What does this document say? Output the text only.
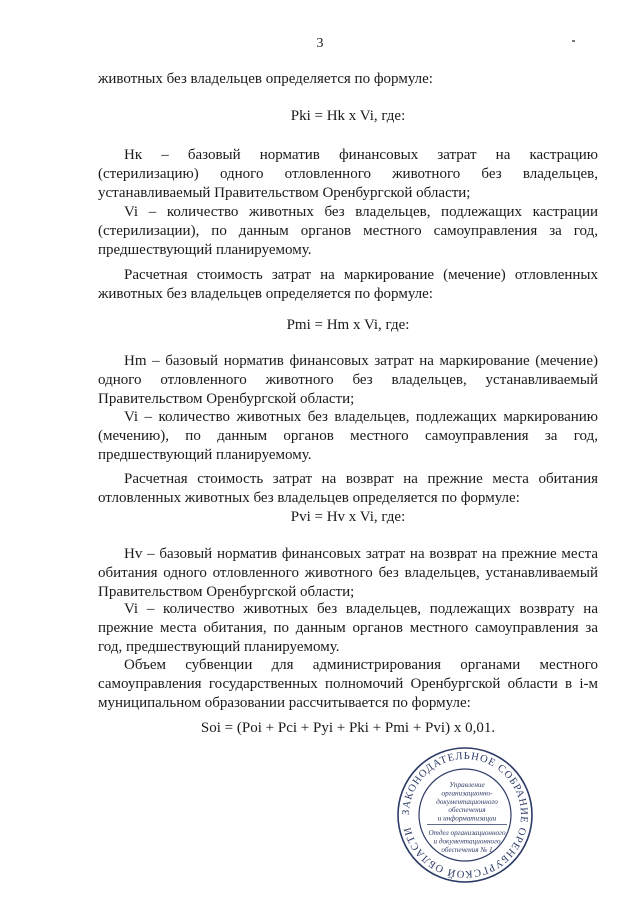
3

животных без владельцев определяется по формуле:

Pki = Hk x Vi, где:

Hк – базовый норматив финансовых затрат на кастрацию
(стерилизацию) одного отловленного животного без владельцев,
устанавливаемый Правительством Оренбургской области;

Vi – количество животных без владельцев, подлежащих кастрации
(стерилизации), по данным органов местного самоуправления за год,
предшествующий планируемому.

Расчетная стоимость затрат на маркирование (мечение) отловленных
животных без владельцев определяется по формуле:

Pmi = Hm x Vi, где:

Hm – базовый норматив финансовых затрат на маркирование (мечение)
одного отловленного животного без владельцев, устанавливаемый
Правительством Оренбургской области;

Vi – количество животных без владельцев, подлежащих маркированию
(мечению), по данным органов местного самоуправления за год,
предшествующий планируемому.

Расчетная стоимость затрат на возврат на прежние места обитания
отловленных животных без владельцев определяется по формуле:

Pvi = Hv x Vi, где:

Hv – базовый норматив финансовых затрат на возврат на прежние места
обитания одного отловленного животного без владельцев, устанавливаемый
Правительством Оренбургской области;

Vi – количество животных без владельцев, подлежащих возврату на
прежние места обитания, по данным органов местного самоуправления за
год, предшествующий планируемому.

Объем субвенции для администрирования органами местного
самоуправления государственных полномочий Оренбургской области в i-м
муниципальном образовании рассчитывается по формуле:

Soi = (Poi + Pci + Pyi + Pki + Pmi + Pvi) x 0,01.

ЗАКОНОДАТЕЛЬНОЕ СОБРАНИЕ ОРЕНБУРГСКОЙ ОБЛАСТИ
Управление
организационно-
документационного
обеспечения
и информатизации
Отдел организационного
и документационного
обеспечения № 1
